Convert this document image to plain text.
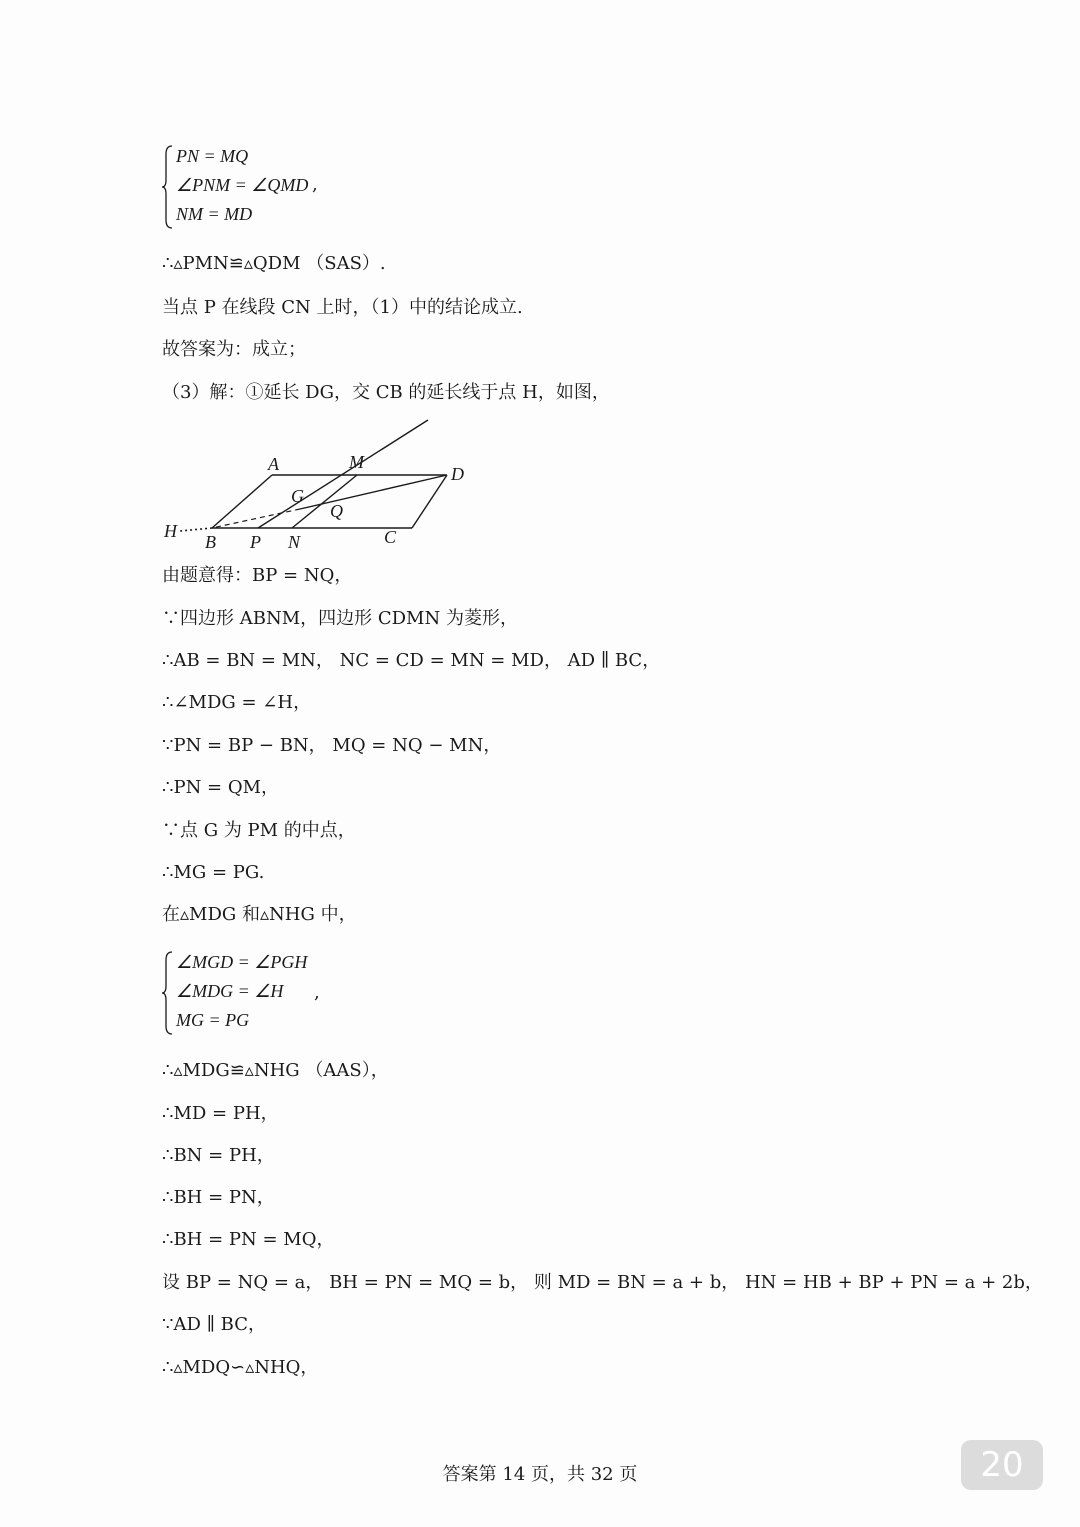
PN = MQ
∠PNM = ∠QMD
NM = MD
,
∴▵PMN≌▵QDM （SAS）.
当点 P 在线段 CN 上时，（1）中的结论成立.
故答案为：成立；
（3）解：①延长 DG，交 CB 的延长线于点 H，如图，
A	M
D
G
Q
H
B P N	C
由题意得：BP = NQ，
∵四边形 ABNM，四边形 CDMN 为菱形，
∴AB = BN = MN， NC = CD = MN = MD， AD ∥ BC，
∴∠MDG = ∠H，
∵PN = BP − BN， MQ = NQ − MN，
∴PN = QM，
∵点 G 为 PM 的中点，
∴MG = PG.
在▵MDG 和▵NHG 中，
∠MGD = ∠PGH
∠MDG = ∠H
MG = PG
,
∴▵MDG≌▵NHG （AAS），
∴MD = PH，
∴BN = PH，
∴BH = PN，
∴BH = PN = MQ，
设 BP = NQ = a， BH = PN = MQ = b， 则 MD = BN = a + b， HN = HB + BP + PN = a + 2b，
∵AD ∥ BC，
∴▵MDQ∽▵NHQ，
答案第 14 页，共 32 页	20
